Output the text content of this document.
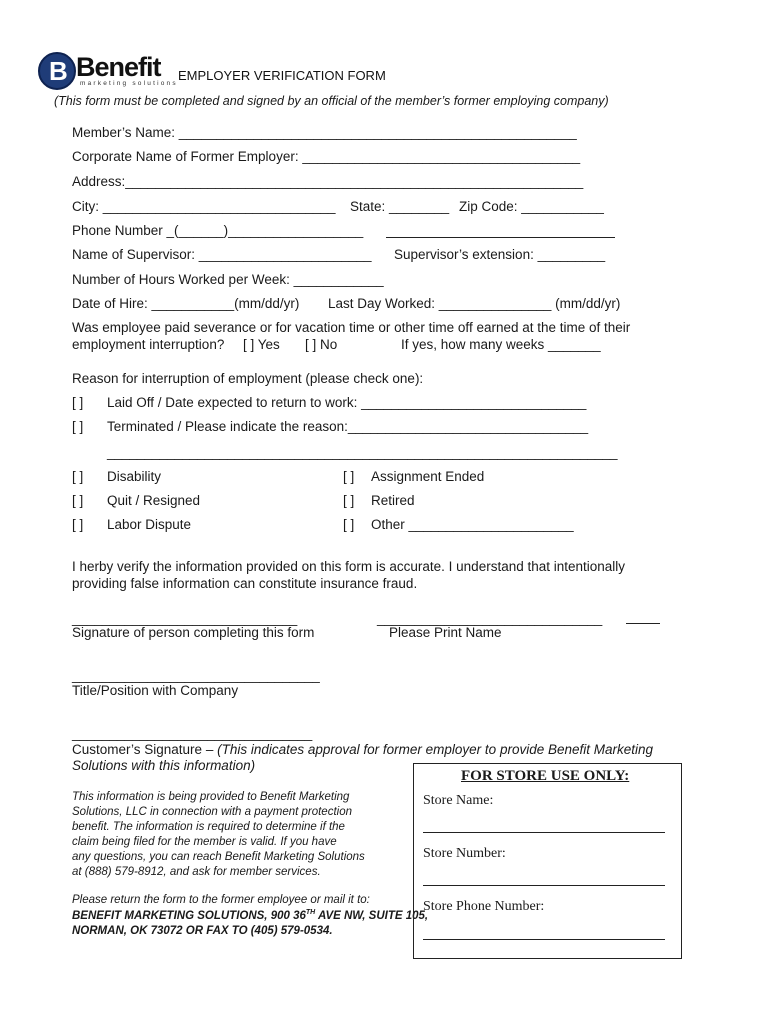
B Benefit
marketing solutions
EMPLOYER VERIFICATION FORM
(This form must be completed and signed by an official of the member’s former employing company)
Member’s Name: _____________________________________________________
Corporate Name of Former Employer: _____________________________________
Address:_____________________________________________________________
City: _______________________________ State: ________ Zip Code: ___________
Phone Number _(______)__________________
Name of Supervisor: _______________________ Supervisor’s extension: _________
Number of Hours Worked per Week: ____________
Date of Hire: ___________(mm/dd/yr) Last Day Worked: _______________ (mm/dd/yr)
Was employee paid severance or for vacation time or other time off earned at the time of their
employment interruption? [ ] Yes [ ] No	If yes, how many weeks _______
Reason for interruption of employment (please check one):
[ ] Laid Off / Date expected to return to work: ______________________________
[ ] Terminated / Please indicate the reason:________________________________
____________________________________________________________________
[ ] Disability	[ ] Assignment Ended
[ ] Quit / Resigned	[ ] Retired
[ ] Labor Dispute	[ ] Other ______________________
I herby verify the information provided on this form is accurate. I understand that intentionally
providing false information can constitute insurance fraud.
______________________________
Signature of person completing this form
______________________________
Please Print Name
_________________________________
Title/Position with Company
________________________________
Customer’s Signature – (This indicates approval for former employer to provide Benefit Marketing
Solutions with this information)
This information is being provided to Benefit Marketing
Solutions, LLC in connection with a payment protection
benefit. The information is required to determine if the
claim being filed for the member is valid. If you have
any questions, you can reach Benefit Marketing Solutions
at (888) 579-8912, and ask for member services.
Please return the form to the former employee or mail it to:
BENEFIT MARKETING SOLUTIONS, 900 36TH AVE NW, SUITE 105,
NORMAN, OK 73072 OR FAX TO (405) 579-0534.
FOR STORE USE ONLY:
Store Name:
Store Number:
Store Phone Number:
